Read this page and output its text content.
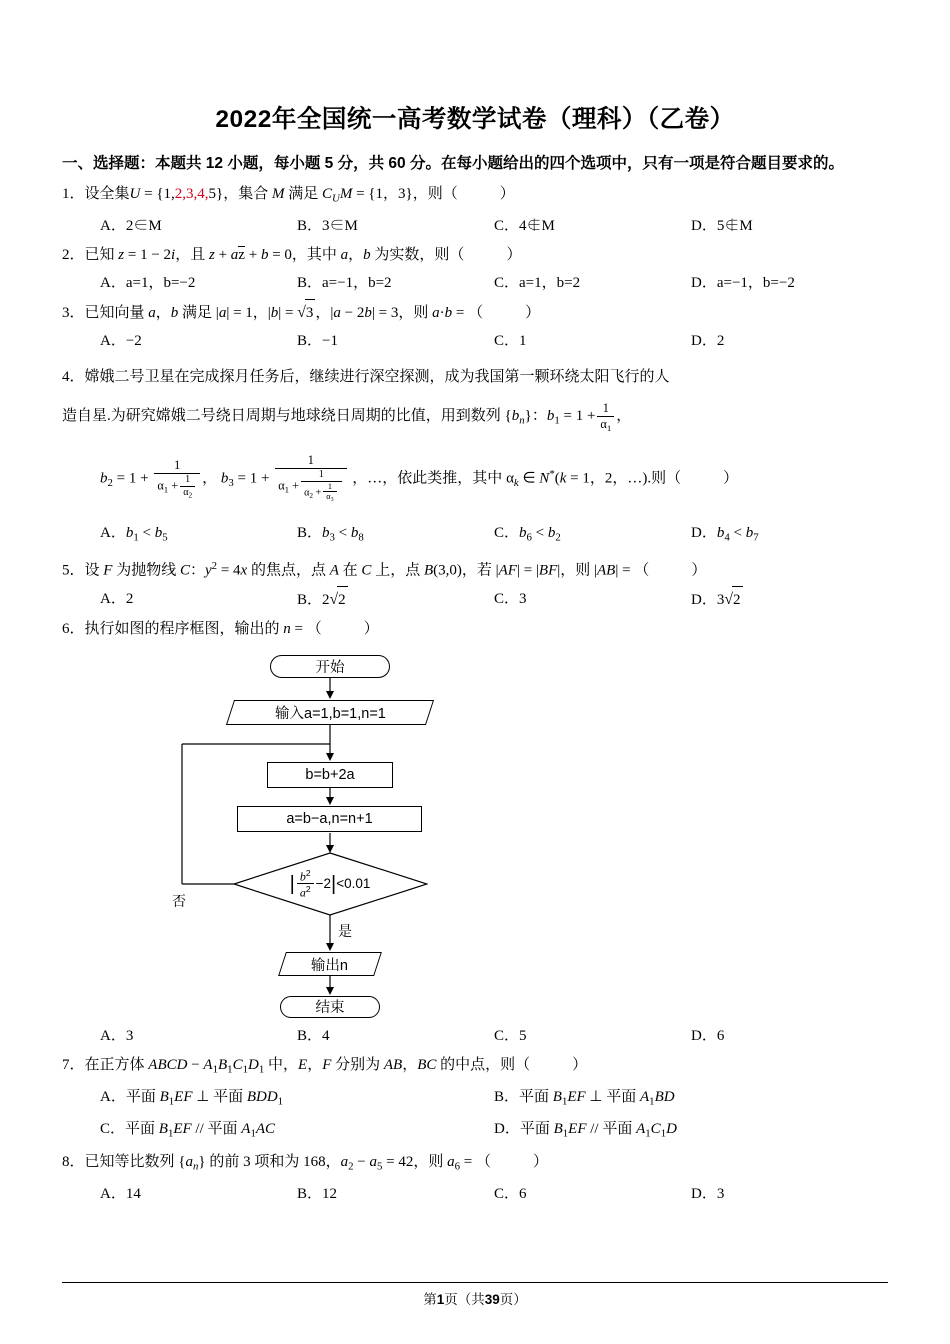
2022年全国统一高考数学试卷（理科）（乙卷）
一、选择题：本题共 12 小题，每小题 5 分，共 60 分。在每小题给出的四个选项中，只有一项是符合题目要求的。
1．设全集U = {1,2,3,4,5}，集合 M 满足 $C_UM = \{1$，3}，则（	）
A．2∈M	B．3∈M	C．4∉M	D．5∉M
2．已知 z = 1 − 2i，且 z + az + b = 0，其中 a，b 为实数，则（	）
A．a=1，b=−2	B．a=−1，b=2	C．a=1，b=2	D．a=−1，b=−2
3．已知向量 a，b 满足 |a| = 1，|b| = √3 ，|a − 2b| = 3，则 a·b = （	）
A．−2	B．−1	C．1	D．2
4．嫦娥二号卫星在完成探月任务后，继续进行深空探测，成为我国第一颗环绕太阳飞行的人
造自星.为研究嫦娥二号绕日周期与地球绕日周期的比值，用到数列 $\{b_n\}$：$b_1 = 1 + \frac{1}{\alpha_1}$ ，
$b_2 = 1 + \frac{1}{\alpha_1 + \frac{1}{\alpha_2}}$ ， $b_3 = 1 + \frac{1}{\alpha_1 + \frac{1}{\alpha_2 + \frac{1}{\alpha_3}}}$ ，…，依此类推，其中 $\alpha_k$ ∈ N*(k = 1，2，…).则（	）
A．$b_1 < b_5$	B．$b_3 < b_8$	C．$b_6 < b_2$	D．$b_4 < b_7$
5．设 F 为抛物线 C：$y^2 = 4x$ 的焦点，点 A 在 C 上，点 B(3,0)，若 |AF| = |BF|，则 |AB| = （	）
A．2	B．2√2	C．3	D．3√2
6．执行如图的程序框图，输出的 n = （	）
开始
输入a=1,b=1,n=1
b=b+2a
a=b−a,n=n+1
| $\frac{b^2}{a^2} -2$ | <0.01
否
是
输出n
结束
A．3	B．4	C．5	D．6
7．在正方体 ABCD − $A_1B_1C_1D_1$ 中，E，F 分别为 AB，BC 的中点，则（	）
A．平面 $B_1EF$ ⊥ 平面 $BDD_1$	B．平面 $B_1EF$ ⊥ 平面 $A_1BD$
C．平面 $B_1EF$ // 平面 $A_1AC$	D．平面 $B_1EF$ // 平面 $A_1C_1D$
8．已知等比数列 $\{a_n\}$ 的前 3 项和为 168，$a_2 - a_5 = 42$，则 $a_6$ = （	）
A．14	B．12	C．6	D．3
第1页（共39页）
